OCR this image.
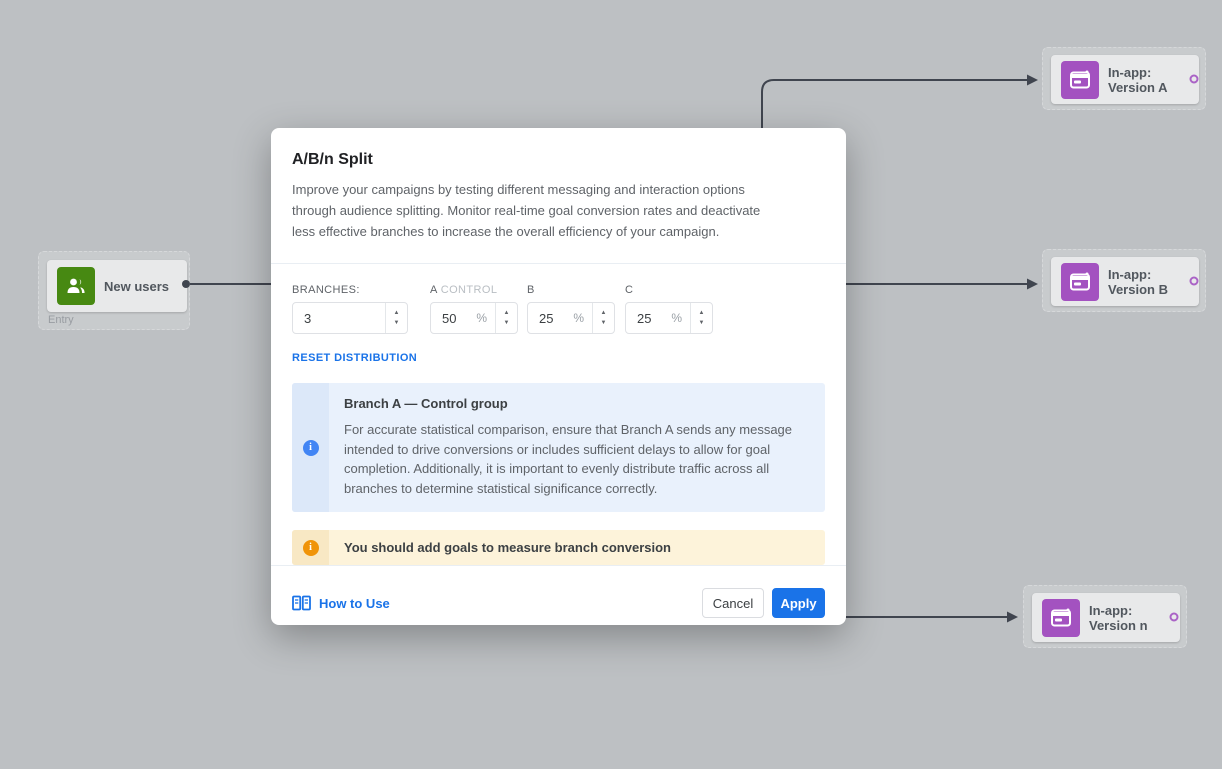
New users
Entry
In-app:
Version A
In-app:
Version B
In-app:
Version n
A/B/n Split
Improve your campaigns by testing different messaging and interaction options through audience splitting. Monitor real-time goal conversion rates and deactivate less effective branches to increase the overall efficiency of your campaign.
BRANCHES:
3	▲
▼
A CONTROL
50	%	▲
▼
B
25	%	▲
▼
C
25	%	▲
▼
RESET DISTRIBUTION
i
Branch A — Control group
For accurate statistical comparison, ensure that Branch A sends any message intended to drive conversions or includes sufficient delays to allow for goal completion. Additionally, it is important to evenly distribute traffic across all branches to determine statistical significance correctly.
i	You should add goals to measure branch conversion
How to Use	Cancel	Apply
